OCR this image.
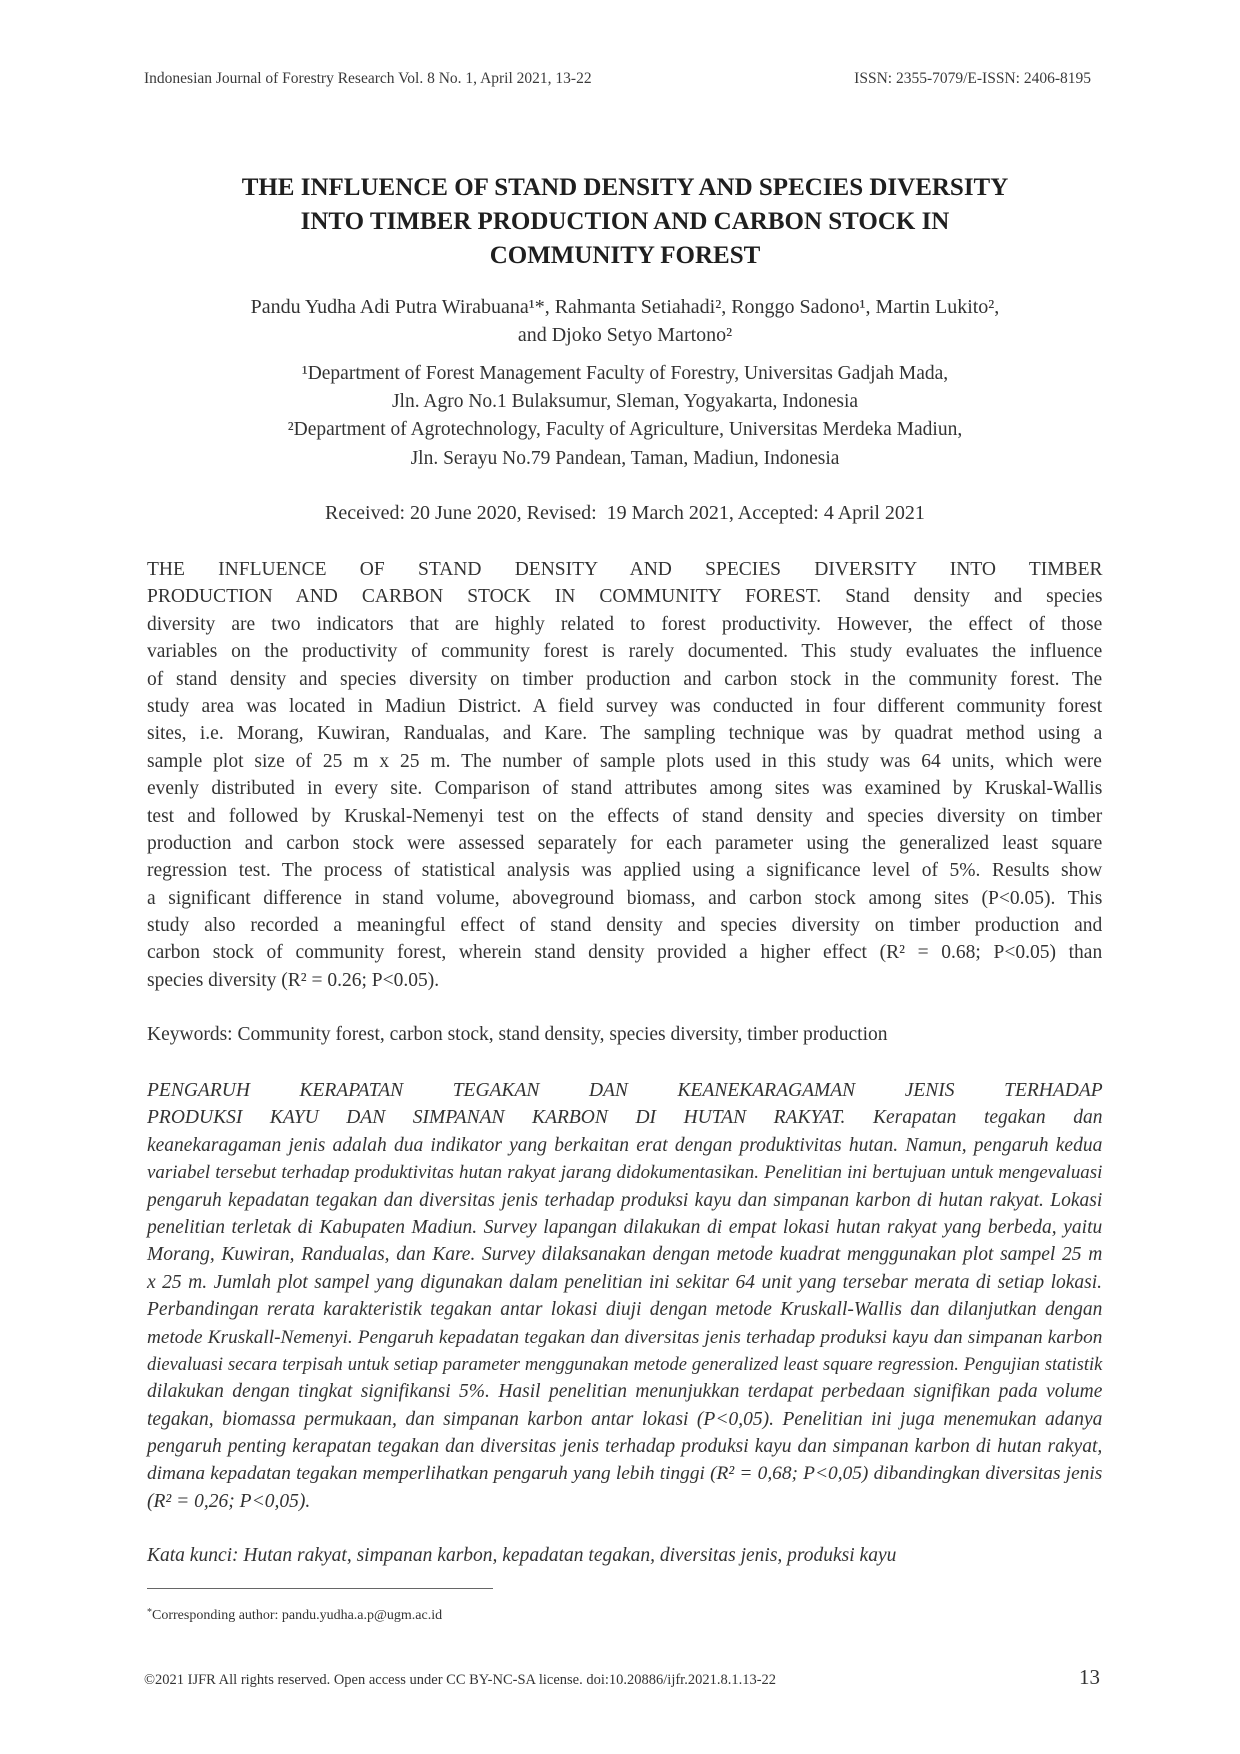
Indonesian Journal of Forestry Research Vol. 8 No. 1, April 2021, 13-22	ISSN: 2355-7079/E-ISSN: 2406-8195
THE INFLUENCE OF STAND DENSITY AND SPECIES DIVERSITY
INTO TIMBER PRODUCTION AND CARBON STOCK IN
COMMUNITY FOREST
Pandu Yudha Adi Putra Wirabuana¹*, Rahmanta Setiahadi², Ronggo Sadono¹, Martin Lukito²,
and Djoko Setyo Martono²
¹Department of Forest Management Faculty of Forestry, Universitas Gadjah Mada,
Jln. Agro No.1 Bulaksumur, Sleman, Yogyakarta, Indonesia
²Department of Agrotechnology, Faculty of Agriculture, Universitas Merdeka Madiun,
Jln. Serayu No.79 Pandean, Taman, Madiun, Indonesia
Received: 20 June 2020, Revised:  19 March 2021, Accepted: 4 April 2021
THE INFLUENCE OF STAND DENSITY AND SPECIES DIVERSITY INTO TIMBER
PRODUCTION AND CARBON STOCK IN COMMUNITY FOREST. Stand density and species
diversity are two indicators that are highly related to forest productivity. However, the effect of those
variables on the productivity of community forest is rarely documented. This study evaluates the influence
of stand density and species diversity on timber production and carbon stock in the community forest. The
study area was located in Madiun District. A field survey was conducted in four different community forest
sites, i.e. Morang, Kuwiran, Randualas, and Kare. The sampling technique was by quadrat method using a
sample plot size of 25 m x 25 m. The number of sample plots used in this study was 64 units, which were
evenly distributed in every site. Comparison of stand attributes among sites was examined by Kruskal-Wallis
test and followed by Kruskal-Nemenyi test on the effects of stand density and species diversity on timber
production and carbon stock were assessed separately for each parameter using the generalized least square
regression test. The process of statistical analysis was applied using a significance level of 5%. Results show
a significant difference in stand volume, aboveground biomass, and carbon stock among sites (P<0.05). This
study also recorded a meaningful effect of stand density and species diversity on timber production and
carbon stock of community forest, wherein stand density provided a higher effect (R² = 0.68; P<0.05) than
species diversity (R² = 0.26; P<0.05).
Keywords: Community forest, carbon stock, stand density, species diversity, timber production
PENGARUH KERAPATAN TEGAKAN DAN KEANEKARAGAMAN JENIS TERHADAP
PRODUKSI KAYU DAN SIMPANAN KARBON DI HUTAN RAKYAT. Kerapatan tegakan dan
keanekaragaman jenis adalah dua indikator yang berkaitan erat dengan produktivitas hutan. Namun, pengaruh kedua
variabel tersebut terhadap produktivitas hutan rakyat jarang didokumentasikan. Penelitian ini bertujuan untuk mengevaluasi
pengaruh kepadatan tegakan dan diversitas jenis terhadap produksi kayu dan simpanan karbon di hutan rakyat. Lokasi
penelitian terletak di Kabupaten Madiun. Survey lapangan dilakukan di empat lokasi hutan rakyat yang berbeda, yaitu
Morang, Kuwiran, Randualas, dan Kare. Survey dilaksanakan dengan metode kuadrat menggunakan plot sampel 25 m
x 25 m. Jumlah plot sampel yang digunakan dalam penelitian ini sekitar 64 unit yang tersebar merata di setiap lokasi.
Perbandingan rerata karakteristik tegakan antar lokasi diuji dengan metode Kruskall-Wallis dan dilanjutkan dengan
metode Kruskall-Nemenyi. Pengaruh kepadatan tegakan dan diversitas jenis terhadap produksi kayu dan simpanan karbon
dievaluasi secara terpisah untuk setiap parameter menggunakan metode generalized least square regression. Pengujian statistik
dilakukan dengan tingkat signifikansi 5%. Hasil penelitian menunjukkan terdapat perbedaan signifikan pada volume
tegakan, biomassa permukaan, dan simpanan karbon antar lokasi (P<0,05). Penelitian ini juga menemukan adanya
pengaruh penting kerapatan tegakan dan diversitas jenis terhadap produksi kayu dan simpanan karbon di hutan rakyat,
dimana kepadatan tegakan memperlihatkan pengaruh yang lebih tinggi (R² = 0,68; P<0,05) dibandingkan diversitas jenis
(R² = 0,26; P<0,05).
Kata kunci: Hutan rakyat, simpanan karbon, kepadatan tegakan, diversitas jenis, produksi kayu
*Corresponding author: pandu.yudha.a.p@ugm.ac.id
©2021 IJFR All rights reserved. Open access under CC BY-NC-SA license. doi:10.20886/ijfr.2021.8.1.13-22	13
